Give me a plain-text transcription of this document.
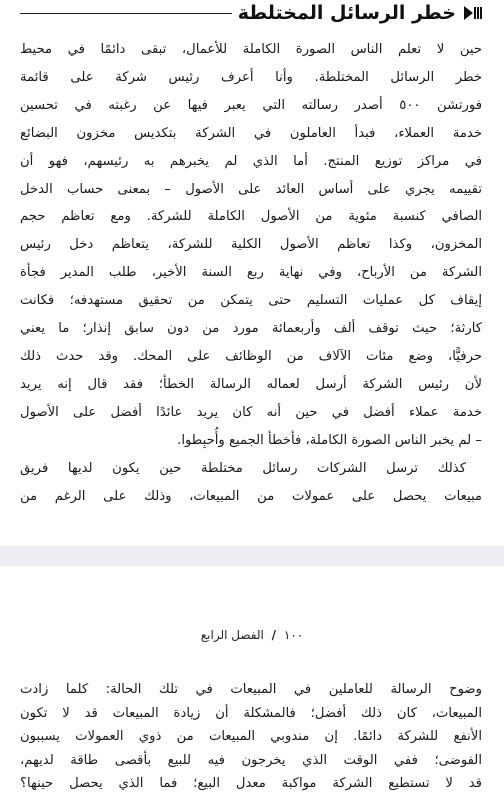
خطر الرسائل المختلطة
حين لا تعلم الناس الصورة الكاملة للأعمال، تبقى دائمًا في محيط
خطر الرسائل المختلطة. وأنا أعرف رئيس شركة على قائمة
فورتشن ٥٠٠ أصدر رسالته التي يعبر فيها عن رغبته في تحسين
خدمة العملاء، فبدأ العاملون في الشركة بتكديس مخزون البضائع
في مراكز توزيع المنتج. أما الذي لم يخبرهم به رئيسهم، فهو أن
تقييمه يجري على أساس العائد على الأصول – بمعنى حساب الدخل
الصافي كنسبة مئوية من الأصول الكاملة للشركة. ومع تعاظم حجم
المخزون، وكذا تعاظم الأصول الكلية للشركة، يتعاظم دخل رئيس
الشركة من الأرباح، وفي نهاية ربع السنة الأخير، طلب المدير فجأة
إيقاف كل عمليات التسليم حتى يتمكن من تحقيق مستهدفه؛ فكانت
كارثة؛ حيث توقف ألف وأربعمائة مورد من دون سابق إنذار؛ ما يعني
حرفيًّا، وضع مئات الآلاف من الوظائف على المحك. وقد حدث ذلك
لأن رئيس الشركة أرسل لعماله الرسالة الخطأ؛ فقد قال إنه يريد
خدمة عملاء أفضل في حين أنه كان يريد عائدًا أفضل على الأصول
– لم يخبر الناس الصورة الكاملة، فأخطأ الجميع وأُحبِطوا.
كذلك ترسل الشركات رسائل مختلطة حين يكون لديها فريق
مبيعات يحصل على عمولات من المبيعات، وذلك على الرغم من
١٠٠ / الفصل الرابع
وضوح الرسالة للعاملين في المبيعات في تلك الحالة: كلما زادت
المبيعات، كان ذلك أفضل؛ فالمشكلة أن زيادة المبيعات قد لا تكون
الأنفع للشركة دائمًا. إن مندوبي المبيعات من ذوي العمولات يسببون
الفوضى؛ ففي الوقت الذي يخرجون فيه للبيع بأقصى طاقة لديهم،
قد لا تستطيع الشركة مواكبة معدل البيع؛ فما الذي يحصل حينها؟
